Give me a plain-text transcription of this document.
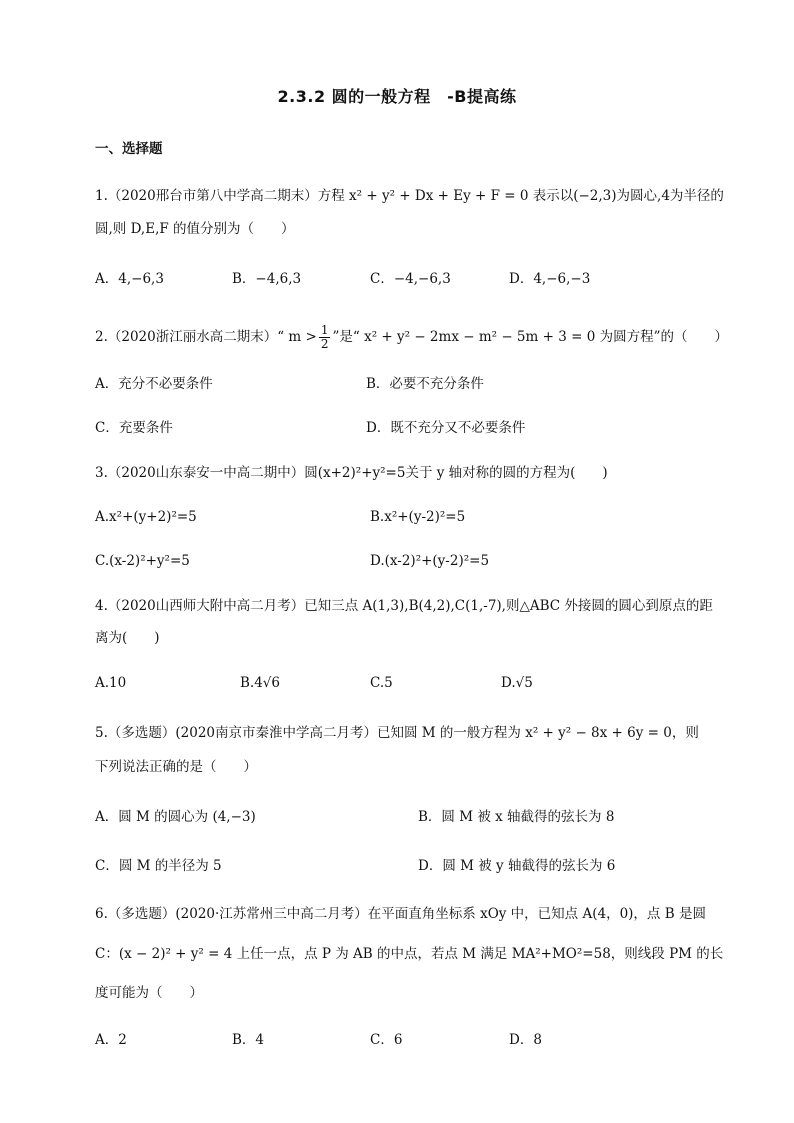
2.3.2 圆的一般方程　-B提高练
一、选择题
1.（2020邢台市第八中学高二期末）方程 x² + y² + Dx + Ey + F = 0 表示以(−2,3)为圆心,4为半径的
圆,则 D,E,F 的值分别为（　　）
A．4,−6,3	B．−4,6,3	C．−4,−6,3	D．4,−6,−3
2.（2020浙江丽水高二期末）“ $m > \frac{1}{2}$ ”是“ x² + y² − 2mx − m² − 5m + 3 = 0 为圆方程”的（　　）
A．充分不必要条件	B．必要不充分条件
C．充要条件	D．既不充分又不必要条件
3.（2020山东泰安一中高二期中）圆(x+2)²+y²=5关于 y 轴对称的圆的方程为(　　)
A.x²+(y+2)²=5	B.x²+(y-2)²=5
C.(x-2)²+y²=5	D.(x-2)²+(y-2)²=5
4.（2020山西师大附中高二月考）已知三点 A(1,3),B(4,2),C(1,-7),则△ABC 外接圆的圆心到原点的距
离为(　　)
A.10	B.4√6	C.5	D.√5
5.（多选题）(2020南京市秦淮中学高二月考）已知圆 M 的一般方程为 x² + y² − 8x + 6y = 0，则
下列说法正确的是（　　）
A．圆 M 的圆心为 (4,−3)	B．圆 M 被 x 轴截得的弦长为 8
C．圆 M 的半径为 5	D．圆 M 被 y 轴截得的弦长为 6
6.（多选题）(2020·江苏常州三中高二月考）在平面直角坐标系 xOy 中，已知点 A(4，0)，点 B 是圆
C：(x − 2)² + y² = 4 上任一点，点 P 为 AB 的中点，若点 M 满足 MA²+MO²=58，则线段 PM 的长
度可能为（　　）
A．2	B．4	C．6	D．8
